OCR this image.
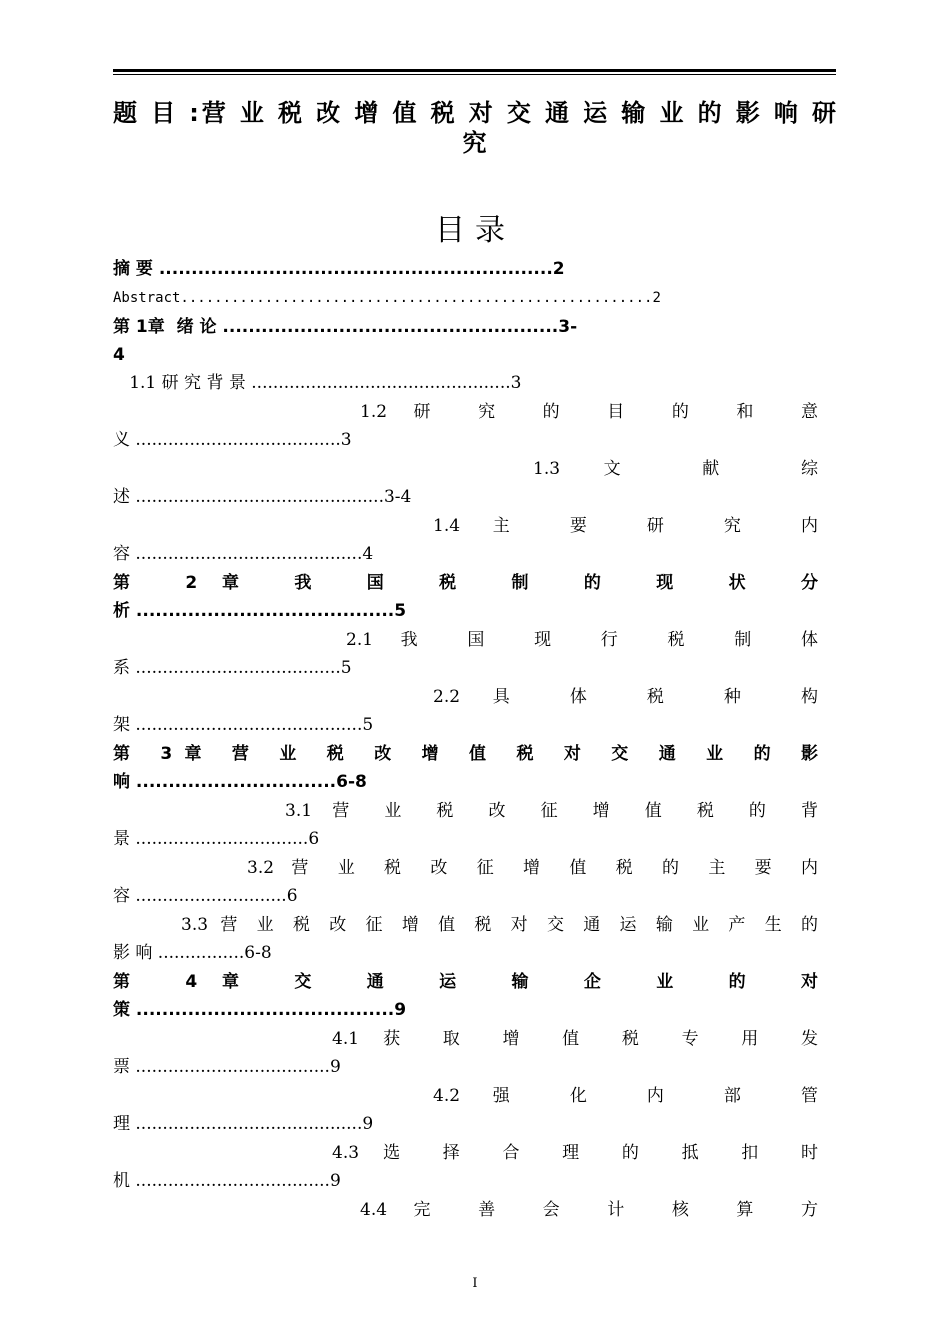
题 目 :营 业 税 改 增 值 税 对 交 通 运 输 业 的 影 响 研
究
目录
摘 要 .............................................................2
Abstract........................................................2
第 1章  绪 论 ....................................................3-
4
1.1 研 究 背 景 ................................................3
1.2 研 究 的 目 的 和 意
义 ......................................3
1.3 文 献 综
述 ..............................................3-4
1.4 主 要 研 究 内
容 ..........................................4
第 2章 我 国 税 制 的 现 状 分
析 ........................................5
2.1 我 国 现 行 税 制 体
系 ......................................5
2.2 具 体 税 种 构
架 ..........................................5
第 3章 营 业 税 改 增 值 税 对 交 通 业 的 影
响 ...............................6-8
3.1 营 业 税 改 征 增 值 税 的 背
景 ................................6
3.2 营 业 税 改 征 增 值 税 的 主 要 内
容 ............................6
3.3 营 业 税 改 征 增 值 税 对 交 通 运 输 业 产 生 的
影 响 ................6-8
第 4章 交 通 运 输 企 业 的 对
策 ........................................9
4.1 获 取 增 值 税 专 用 发
票 ....................................9
4.2 强 化 内 部 管
理 ..........................................9
4.3 选 择 合 理 的 抵 扣 时
机 ....................................9
4.4 完 善 会 计 核 算 方
I
